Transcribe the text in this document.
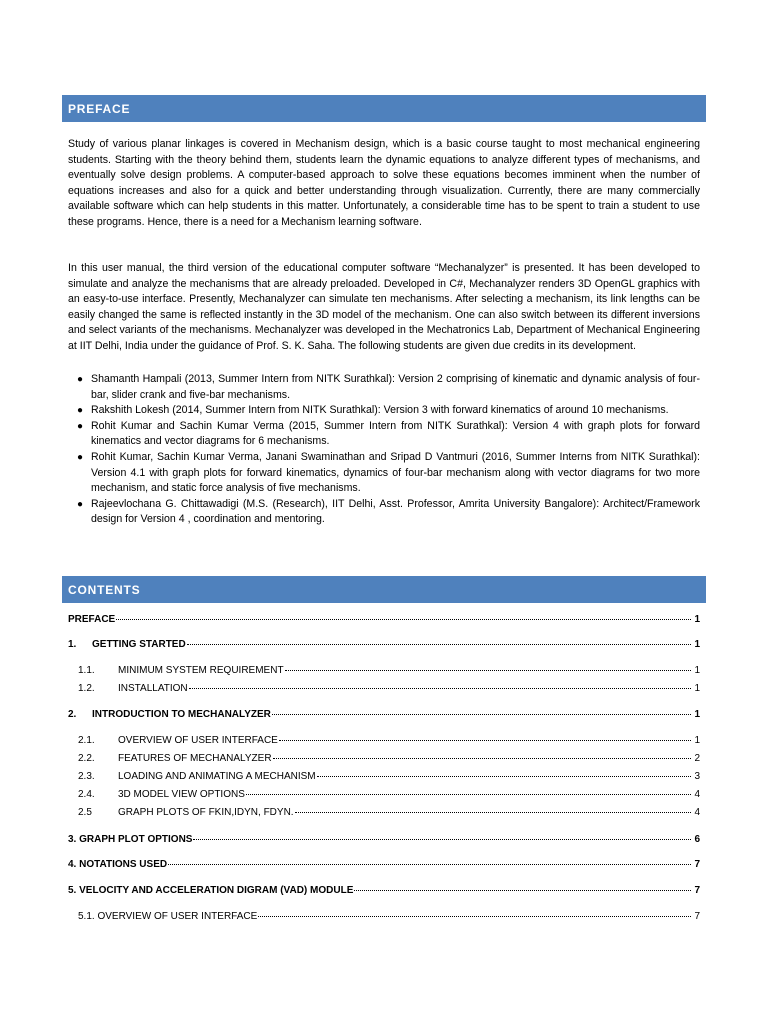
PREFACE

Study of various planar linkages is covered in Mechanism design, which is a basic course taught to most mechanical engineering students. Starting with the theory behind them, students learn the dynamic equations to analyze different types of mechanisms, and eventually solve design problems. A computer-based approach to solve these equations becomes imminent when the number of equations increases and also for a quick and better understanding through visualization. Currently, there are many commercially available software which can help students in this matter. Unfortunately, a considerable time has to be spent to train a student to use these programs. Hence, there is a need for a Mechanism learning software.

In this user manual, the third version of the educational computer software “Mechanalyzer” is presented. It has been developed to simulate and analyze the mechanisms that are already preloaded. Developed in C#, Mechanalyzer renders 3D OpenGL graphics with an easy-to-use interface. Presently, Mechanalyzer can simulate ten mechanisms. After selecting a mechanism, its link lengths can be easily changed the same is reflected instantly in the 3D model of the mechanism. One can also switch between its different inversions and select variants of the mechanisms. Mechanalyzer was developed in the Mechatronics Lab, Department of Mechanical Engineering at IIT Delhi, India under the guidance of Prof. S. K. Saha. The following students are given due credits in its development.

● Shamanth Hampali (2013, Summer Intern from NITK Surathkal): Version 2 comprising of kinematic and dynamic analysis of four-bar, slider crank and five-bar mechanisms.
● Rakshith Lokesh (2014, Summer Intern from NITK Surathkal): Version 3 with forward kinematics of around 10 mechanisms.
● Rohit Kumar and Sachin Kumar Verma (2015, Summer Intern from NITK Surathkal): Version 4 with graph plots for forward kinematics and vector diagrams for 6 mechanisms.
● Rohit Kumar, Sachin Kumar Verma, Janani Swaminathan and Sripad D Vantmuri (2016, Summer Interns from NITK Surathkal): Version 4.1 with graph plots for forward kinematics, dynamics of four-bar mechanism along with vector diagrams for two more mechanism, and static force analysis of five mechanisms.
● Rajeevlochana G. Chittawadigi (M.S. (Research), IIT Delhi, Asst. Professor, Amrita University Bangalore): Architect/Framework design for Version 4 , coordination and mentoring.
CONTENTS
PREFACE	1
1.	GETTING STARTED	1
1.1.	MINIMUM SYSTEM REQUIREMENT	1
1.2.	INSTALLATION	1
2.	INTRODUCTION TO MECHANALYZER	1
2.1.	OVERVIEW OF USER INTERFACE	1
2.2.	FEATURES OF MECHANALYZER	2
2.3.	LOADING AND ANIMATING A MECHANISM	3
2.4.	3D MODEL VIEW OPTIONS	4
2.5	GRAPH PLOTS OF FKIN,IDYN, FDYN.	4
3. GRAPH PLOT OPTIONS	6
4. NOTATIONS USED	7
5. VELOCITY AND ACCELERATION DIGRAM (VAD) MODULE	7
5.1. OVERVIEW OF USER INTERFACE	7
